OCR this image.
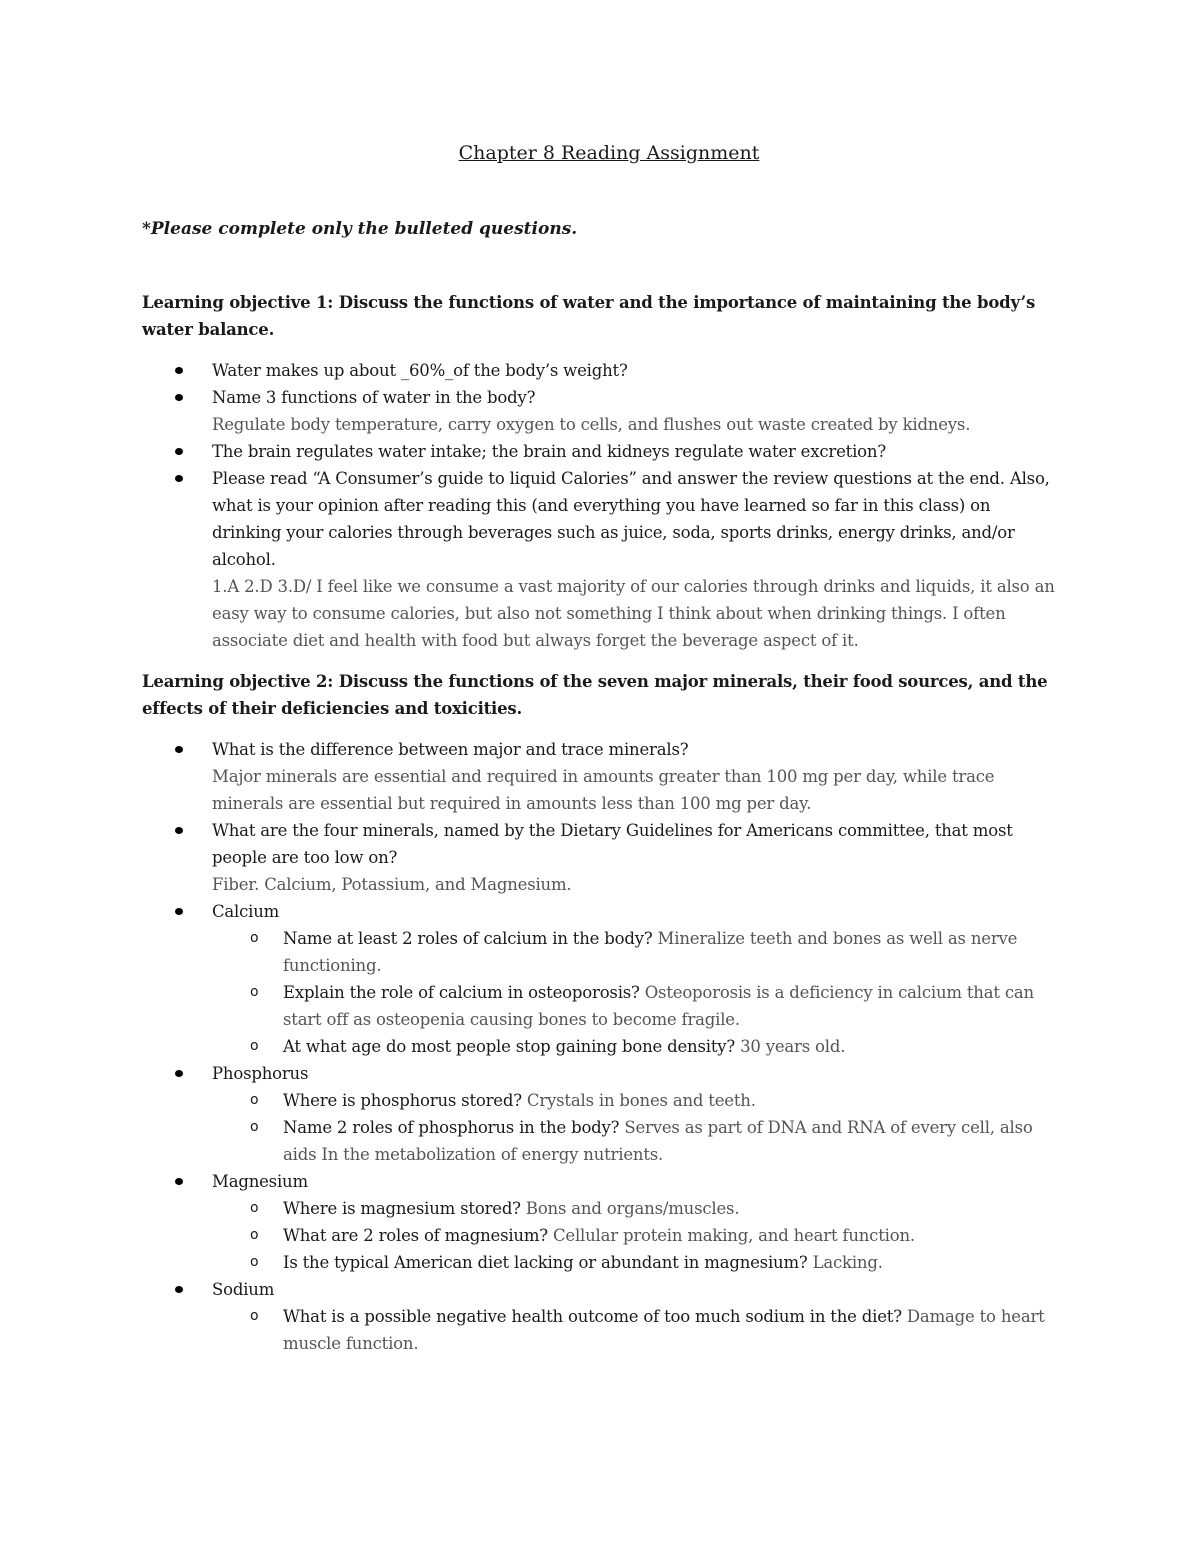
Chapter 8 Reading Assignment
*Please complete only the bulleted questions.
Learning objective 1: Discuss the functions of water and the importance of maintaining the body’s water balance.
Water makes up about _60%_of the body’s weight?
Name 3 functions of water in the body?
Regulate body temperature, carry oxygen to cells, and flushes out waste created by kidneys.
The brain regulates water intake; the brain and kidneys regulate water excretion?
Please read “A Consumer’s guide to liquid Calories” and answer the review questions at the end. Also, what is your opinion after reading this (and everything you have learned so far in this class) on drinking your calories through beverages such as juice, soda, sports drinks, energy drinks, and/or alcohol.
1.A 2.D 3.D/ I feel like we consume a vast majority of our calories through drinks and liquids, it also an easy way to consume calories, but also not something I think about when drinking things. I often associate diet and health with food but always forget the beverage aspect of it.
Learning objective 2: Discuss the functions of the seven major minerals, their food sources, and the effects of their deficiencies and toxicities.
What is the difference between major and trace minerals?
Major minerals are essential and required in amounts greater than 100 mg per day, while trace minerals are essential but required in amounts less than 100 mg per day.
What are the four minerals, named by the Dietary Guidelines for Americans committee, that most people are too low on?
Fiber. Calcium, Potassium, and Magnesium.
Calcium
o Name at least 2 roles of calcium in the body? Mineralize teeth and bones as well as nerve functioning.
o Explain the role of calcium in osteoporosis? Osteoporosis is a deficiency in calcium that can start off as osteopenia causing bones to become fragile.
o At what age do most people stop gaining bone density? 30 years old.
Phosphorus
o Where is phosphorus stored? Crystals in bones and teeth.
o Name 2 roles of phosphorus in the body? Serves as part of DNA and RNA of every cell, also aids In the metabolization of energy nutrients.
Magnesium
o Where is magnesium stored? Bons and organs/muscles.
o What are 2 roles of magnesium? Cellular protein making, and heart function.
o Is the typical American diet lacking or abundant in magnesium? Lacking.
Sodium
o What is a possible negative health outcome of too much sodium in the diet? Damage to heart muscle function.
